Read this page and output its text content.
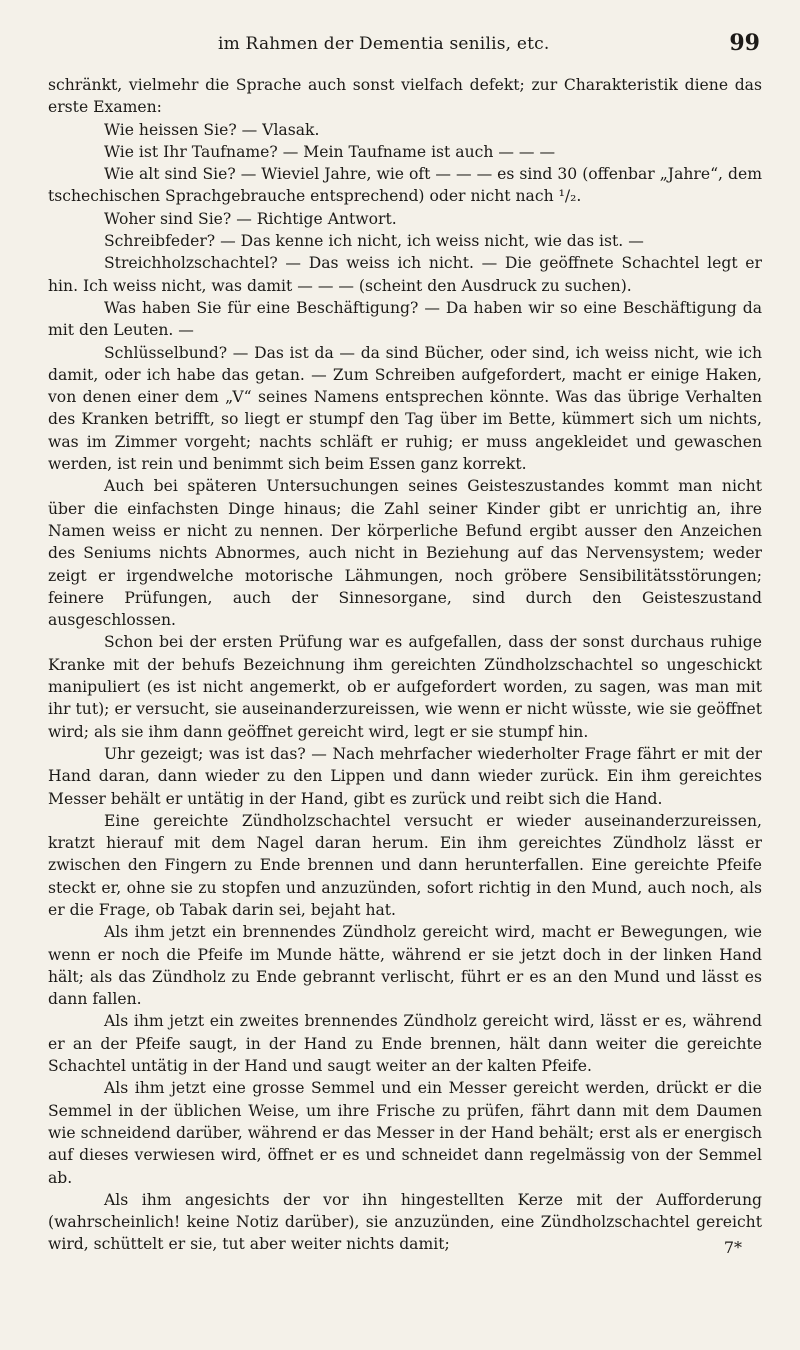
im Rahmen der Dementia senilis, etc.	99

schränkt, vielmehr die Sprache auch sonst vielfach defekt; zur Charakteristik diene das erste Examen:

Wie heissen Sie? — Vlasak.

Wie ist Ihr Taufname? — Mein Taufname ist auch — — —

Wie alt sind Sie? — Wieviel Jahre, wie oft — — — es sind 30 (offenbar „Jahre“, dem tschechischen Sprachgebrauche entsprechend) oder nicht nach ¹/₂.

Woher sind Sie? — Richtige Antwort.

Schreibfeder? — Das kenne ich nicht, ich weiss nicht, wie das ist. —

Streichholzschachtel? — Das weiss ich nicht. — Die geöffnete Schachtel legt er hin. Ich weiss nicht, was damit — — — (scheint den Ausdruck zu suchen).

Was haben Sie für eine Beschäftigung? — Da haben wir so eine Beschäftigung da mit den Leuten. —

Schlüsselbund? — Das ist da — da sind Bücher, oder sind, ich weiss nicht, wie ich damit, oder ich habe das getan. — Zum Schreiben aufgefordert, macht er einige Haken, von denen einer dem „V“ seines Namens entsprechen könnte. Was das übrige Verhalten des Kranken betrifft, so liegt er stumpf den Tag über im Bette, kümmert sich um nichts, was im Zimmer vorgeht; nachts schläft er ruhig; er muss angekleidet und gewaschen werden, ist rein und benimmt sich beim Essen ganz korrekt.

Auch bei späteren Untersuchungen seines Geisteszustandes kommt man nicht über die einfachsten Dinge hinaus; die Zahl seiner Kinder gibt er unrichtig an, ihre Namen weiss er nicht zu nennen. Der körperliche Befund ergibt ausser den Anzeichen des Seniums nichts Abnormes, auch nicht in Beziehung auf das Nervensystem; weder zeigt er irgendwelche motorische Lähmungen, noch gröbere Sensibilitätsstörungen; feinere Prüfungen, auch der Sinnesorgane, sind durch den Geisteszustand ausgeschlossen.

Schon bei der ersten Prüfung war es aufgefallen, dass der sonst durchaus ruhige Kranke mit der behufs Bezeichnung ihm gereichten Zündholzschachtel so ungeschickt manipuliert (es ist nicht angemerkt, ob er aufgefordert worden, zu sagen, was man mit ihr tut); er versucht, sie auseinanderzureissen, wie wenn er nicht wüsste, wie sie geöffnet wird; als sie ihm dann geöffnet gereicht wird, legt er sie stumpf hin.

Uhr gezeigt; was ist das? — Nach mehrfacher wiederholter Frage fährt er mit der Hand daran, dann wieder zu den Lippen und dann wieder zurück. Ein ihm gereichtes Messer behält er untätig in der Hand, gibt es zurück und reibt sich die Hand.

Eine gereichte Zündholzschachtel versucht er wieder auseinanderzureissen, kratzt hierauf mit dem Nagel daran herum. Ein ihm gereichtes Zündholz lässt er zwischen den Fingern zu Ende brennen und dann herunterfallen. Eine gereichte Pfeife steckt er, ohne sie zu stopfen und anzuzünden, sofort richtig in den Mund, auch noch, als er die Frage, ob Tabak darin sei, bejaht hat.

Als ihm jetzt ein brennendes Zündholz gereicht wird, macht er Bewegungen, wie wenn er noch die Pfeife im Munde hätte, während er sie jetzt doch in der linken Hand hält; als das Zündholz zu Ende gebrannt verlischt, führt er es an den Mund und lässt es dann fallen.

Als ihm jetzt ein zweites brennendes Zündholz gereicht wird, lässt er es, während er an der Pfeife saugt, in der Hand zu Ende brennen, hält dann weiter die gereichte Schachtel untätig in der Hand und saugt weiter an der kalten Pfeife.

Als ihm jetzt eine grosse Semmel und ein Messer gereicht werden, drückt er die Semmel in der üblichen Weise, um ihre Frische zu prüfen, fährt dann mit dem Daumen wie schneidend darüber, während er das Messer in der Hand behält; erst als er energisch auf dieses verwiesen wird, öffnet er es und schneidet dann regelmässig von der Semmel ab.

Als ihm angesichts der vor ihn hingestellten Kerze mit der Aufforderung (wahrscheinlich! keine Notiz darüber), sie anzuzünden, eine Zündholzschachtel gereicht wird, schüttelt er sie, tut aber weiter nichts damit;	7*
